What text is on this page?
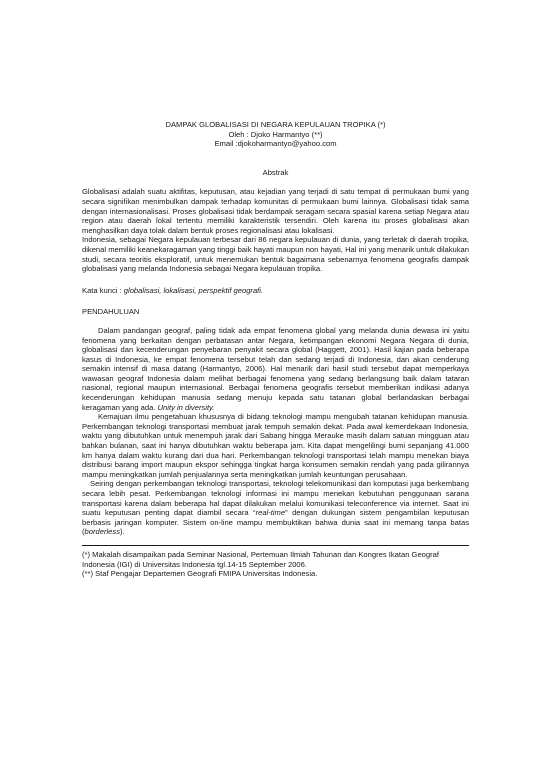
DAMPAK GLOBALISASI DI NEGARA KEPULAUAN TROPIKA (*)
Oleh : Djoko Harmantyo (**)
Email :djokoharmantyo@yahoo.com
Abstrak

Globalisasi adalah suatu aktifitas, keputusan, atau kejadian yang terjadi di satu tempat di permukaan bumi yang secara signifikan menimbulkan dampak terhadap komunitas di permukaan bumi lainnya. Globalisasi tidak sama dengan internasionalisasi. Proses globalisasi tidak berdampak seragam secara spasial karena setiap Negara atau region atau daerah lokal tertentu memiliki karakteristik tersendiri. Oleh karena itu proses globalisasi akan menghasilkan daya tolak dalam bentuk proses regionalisasi atau lokalisasi.

Indonesia, sebagai Negara kepulauan terbesar dari 86 negara kepulauan di dunia, yang terletak di daerah tropika, dikenal memiliki keanekaragaman yang tinggi baik hayati maupun non hayati, Hal ini yang menarik untuk dilakukan studi, secara teoritis eksploratif, untuk menemukan bentuk bagaimana sebenarnya fenomena geografis dampak globalisasi yang melanda Indonesia sebagai Negara kepulauan tropika.

Kata kunci : globalisasi, lokalisasi, perspektif geografi.

PENDAHULUAN

Dalam pandangan geograf, paling tidak ada empat fenomena global yang melanda dunia dewasa ini yaitu fenomena yang berkaitan dengan perbatasan antar Negara, ketimpangan ekonomi Negara Negara di dunia, globalisasi dan kecenderungan penyebaran penyakit secara global (Haggett, 2001). Hasil kajian pada beberapa kasus di Indonesia, ke empat fenomena tersebut telah dan sedang terjadi di Indonesia, dan akan cenderung semakin intensif di masa datang (Harmantyo, 2006). Hal menarik dari hasil studi tersebut dapat memperkaya wawasan geograf Indonesia dalam melihat berbagai fenomena yang sedang berlangsung baik dalam tataran nasional, regional maupun internasional. Berbagai fenomena geografis tersebut memberikan indikasi adanya kecenderungan kehidupan manusia sedang menuju kepada satu tatanan global berlandaskan berbagai keragaman yang ada. Unity in diversity.

Kemajuan ilmu pengetahuan khususnya di bidang teknologi mampu mengubah tatanan kehidupan manusia. Perkembangan teknologi transportasi membuat jarak tempuh semakin dekat. Pada awal kemerdekaan Indonesia, waktu yang dibutuhkan untuk menempuh jarak dari Sabang hingga Merauke masih dalam satuan mingguan atau bahkan bulanan, saat ini hanya dibutuhkan waktu beberapa jam. Kita dapat mengelilingi bumi sepanjang 41.000 km hanya dalam waktu kurang dari dua hari. Perkembangan teknologi transportasi telah mampu menekan biaya distribusi barang import maupun ekspor sehingga tingkat harga konsumen semakin rendah yang pada gilirannya mampu meningkatkan jumlah penjualannya serta meningkatkan jumlah keuntungan perusahaan.

Seiring dengan perkembangan teknologi transportasi, teknologi telekomunikasi dan komputasi juga berkembang secara lebih pesat. Perkembangan teknologi informasi ini mampu menekan kebutuhan penggunaan sarana transportasi karena dalam beberapa hal dapat dilakukan melalui komunikasi teleconference via internet. Saat ini suatu keputusan penting dapat diambil secara “real-time” dengan dukungan sistem pengambilan keputusan berbasis jaringan komputer. Sistem on-line mampu membuktikan bahwa dunia saat ini memang tanpa batas (borderless).

(*) Makalah disampaikan pada Seminar Nasional, Pertemuan Ilmiah Tahunan dan Kongres Ikatan Geograf Indonesia (IGI) di Universitas Indonesia tgl.14-15 September 2006.

(**) Staf Pengajar Departemen Geografi FMIPA Universitas Indonesia.
